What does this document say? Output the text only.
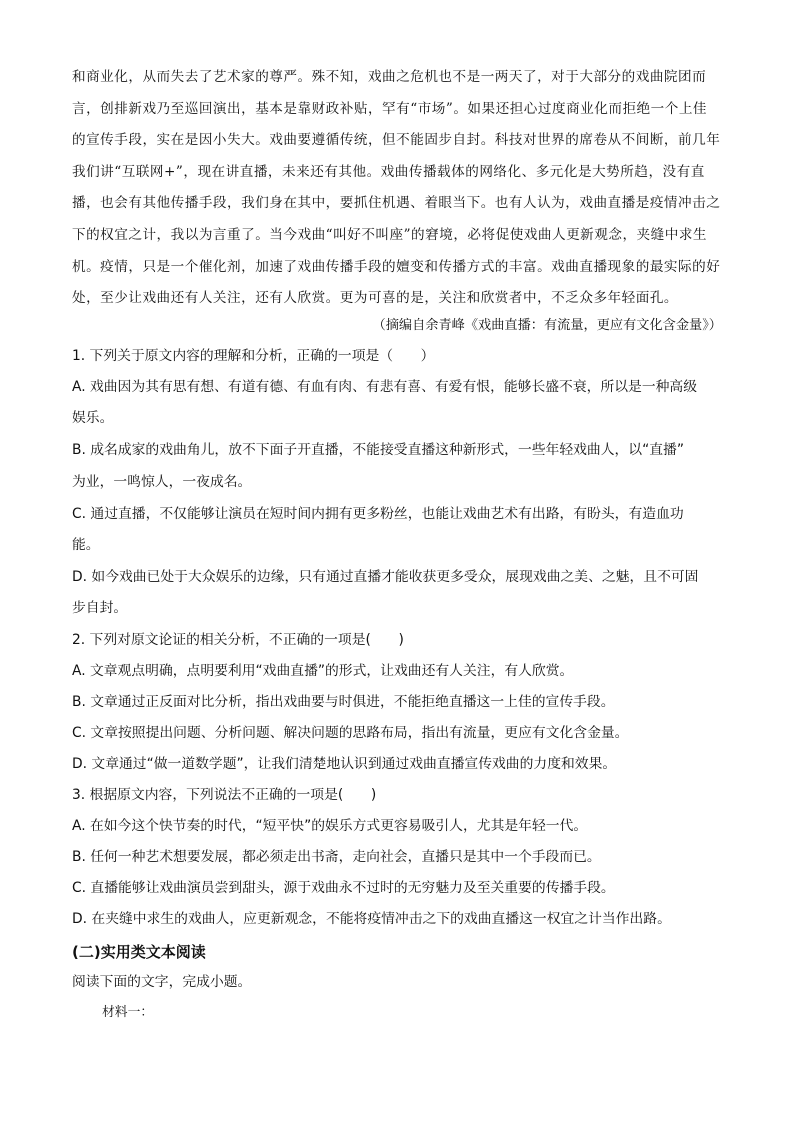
和商业化，从而失去了艺术家的尊严。殊不知，戏曲之危机也不是一两天了，对于大部分的戏曲院团而
言，创排新戏乃至巡回演出，基本是靠财政补贴，罕有“市场”。如果还担心过度商业化而拒绝一个上佳
的宣传手段，实在是因小失大。戏曲要遵循传统，但不能固步自封。科技对世界的席卷从不间断，前几年
我们讲“互联网+”，现在讲直播，未来还有其他。戏曲传播载体的网络化、多元化是大势所趋，没有直
播，也会有其他传播手段，我们身在其中，要抓住机遇、着眼当下。也有人认为，戏曲直播是疫情冲击之
下的权宜之计，我以为言重了。当今戏曲“叫好不叫座”的窘境，必将促使戏曲人更新观念，夹缝中求生
机。疫情，只是一个催化剂，加速了戏曲传播手段的嬗变和传播方式的丰富。戏曲直播现象的最实际的好
处，至少让戏曲还有人关注，还有人欣赏。更为可喜的是，关注和欣赏者中，不乏众多年轻面孔。
（摘编自余青峰《戏曲直播：有流量，更应有文化含金量》）
1. 下列关于原文内容的理解和分析，正确的一项是（　　）
A. 戏曲因为其有思有想、有道有德、有血有肉、有悲有喜、有爱有恨，能够长盛不衰，所以是一种高级
娱乐。
B. 成名成家的戏曲角儿，放不下面子开直播，不能接受直播这种新形式，一些年轻戏曲人，以“直播”
为业，一鸣惊人，一夜成名。
C. 通过直播，不仅能够让演员在短时间内拥有更多粉丝，也能让戏曲艺术有出路，有盼头，有造血功
能。
D. 如今戏曲已处于大众娱乐的边缘，只有通过直播才能收获更多受众，展现戏曲之美、之魅，且不可固
步自封。
2. 下列对原文论证的相关分析，不正确的一项是(　　)
A. 文章观点明确，点明要利用“戏曲直播”的形式，让戏曲还有人关注，有人欣赏。
B. 文章通过正反面对比分析，指出戏曲要与时俱进，不能拒绝直播这一上佳的宣传手段。
C. 文章按照提出问题、分析问题、解决问题的思路布局，指出有流量，更应有文化含金量。
D. 文章通过“做一道数学题”，让我们清楚地认识到通过戏曲直播宣传戏曲的力度和效果。
3. 根据原文内容，下列说法不正确的一项是(　　)
A. 在如今这个快节奏的时代，“短平快”的娱乐方式更容易吸引人，尤其是年轻一代。
B. 任何一种艺术想要发展，都必须走出书斋，走向社会，直播只是其中一个手段而已。
C. 直播能够让戏曲演员尝到甜头，源于戏曲永不过时的无穷魅力及至关重要的传播手段。
D. 在夹缝中求生的戏曲人，应更新观念，不能将疫情冲击之下的戏曲直播这一权宜之计当作出路。
(二)实用类文本阅读
阅读下面的文字，完成小题。
材料一：
